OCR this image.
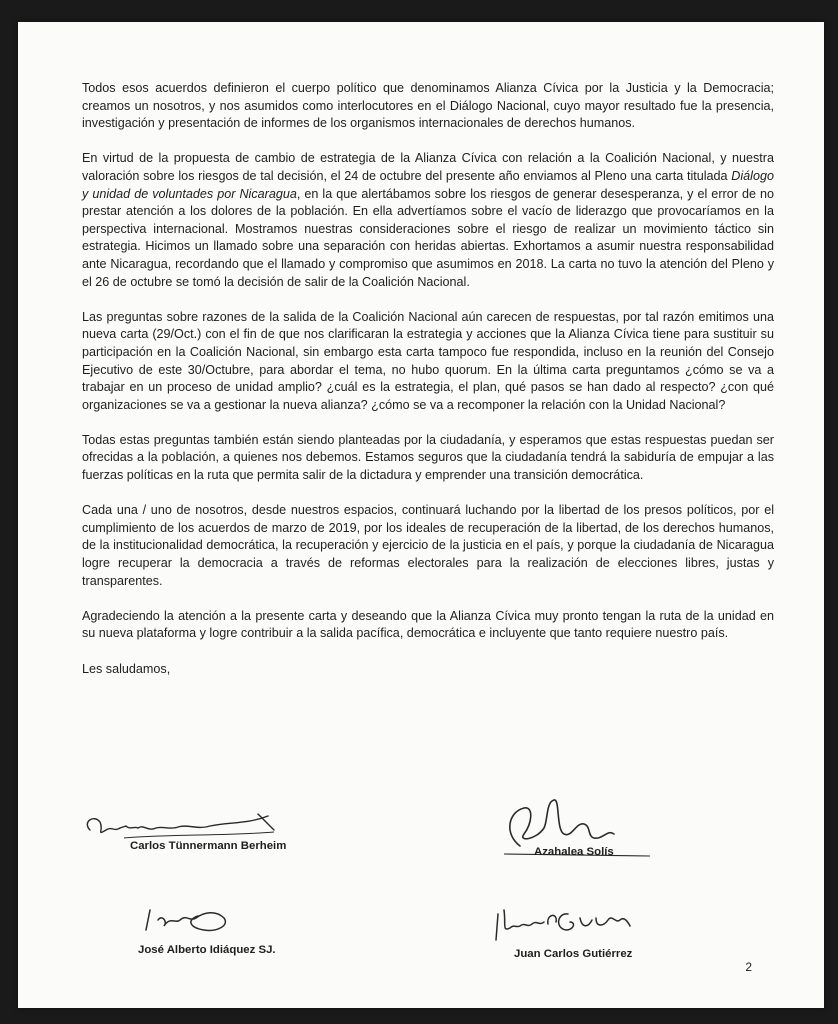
Todos esos acuerdos definieron el cuerpo político que denominamos Alianza Cívica por la Justicia y la Democracia; creamos un nosotros, y nos asumidos como interlocutores en el Diálogo Nacional, cuyo mayor resultado fue la presencia, investigación y presentación de informes de los organismos internacionales de derechos humanos.

En virtud de la propuesta de cambio de estrategia de la Alianza Cívica con relación a la Coalición Nacional, y nuestra valoración sobre los riesgos de tal decisión, el 24 de octubre del presente año enviamos al Pleno una carta titulada Diálogo y unidad de voluntades por Nicaragua, en la que alertábamos sobre los riesgos de generar desesperanza, y el error de no prestar atención a los dolores de la población. En ella advertíamos sobre el vacío de liderazgo que provocaríamos en la perspectiva internacional. Mostramos nuestras consideraciones sobre el riesgo de realizar un movimiento táctico sin estrategia. Hicimos un llamado sobre una separación con heridas abiertas. Exhortamos a asumir nuestra responsabilidad ante Nicaragua, recordando que el llamado y compromiso que asumimos en 2018. La carta no tuvo la atención del Pleno y el 26 de octubre se tomó la decisión de salir de la Coalición Nacional.

Las preguntas sobre razones de la salida de la Coalición Nacional aún carecen de respuestas, por tal razón emitimos una nueva carta (29/Oct.) con el fin de que nos clarificaran la estrategia y acciones que la Alianza Cívica tiene para sustituir su participación en la Coalición Nacional, sin embargo esta carta tampoco fue respondida, incluso en la reunión del Consejo Ejecutivo de este 30/Octubre, para abordar el tema, no hubo quorum. En la última carta preguntamos ¿cómo se va a trabajar en un proceso de unidad amplio? ¿cuál es la estrategia, el plan, qué pasos se han dado al respecto? ¿con qué organizaciones se va a gestionar la nueva alianza? ¿cómo se va a recomponer la relación con la Unidad Nacional?

Todas estas preguntas también están siendo planteadas por la ciudadanía, y esperamos que estas respuestas puedan ser ofrecidas a la población, a quienes nos debemos. Estamos seguros que la ciudadanía tendrá la sabiduría de empujar a las fuerzas políticas en la ruta que permita salir de la dictadura y emprender una transición democrática.

Cada una / uno de nosotros, desde nuestros espacios, continuará luchando por la libertad de los presos políticos, por el cumplimiento de los acuerdos de marzo de 2019, por los ideales de recuperación de la libertad, de los derechos humanos, de la institucionalidad democrática, la recuperación y ejercicio de la justicia en el país, y porque la ciudadanía de Nicaragua logre recuperar la democracia a través de reformas electorales para la realización de elecciones libres, justas y transparentes.

Agradeciendo la atención a la presente carta y deseando que la Alianza Cívica muy pronto tengan la ruta de la unidad en su nueva plataforma y logre contribuir a la salida pacífica, democrática e incluyente que tanto requiere nuestro país.

Les saludamos,

Carlos Tünnermann Berheim	Azahalea Solís
José Alberto Idiáquez SJ.	Juan Carlos Gutiérrez
2
